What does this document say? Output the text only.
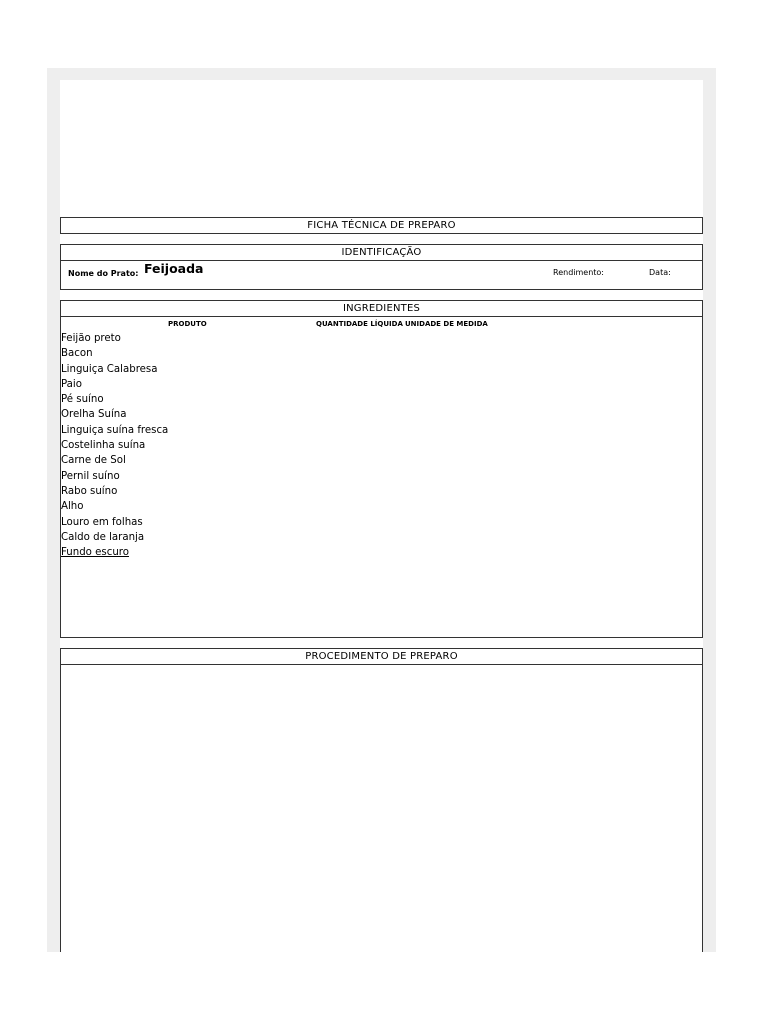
FICHA TÉCNICA DE PREPARO
IDENTIFICAÇÃO
Nome do Prato: Feijoada	Rendimento:	Data:
INGREDIENTES
PRODUTO	QUANTIDADE LÍQUIDA UNIDADE DE MEDIDA
Feijão preto
Bacon
Linguiça Calabresa
Paio
Pé suíno
Orelha Suína
Linguiça suína fresca
Costelinha suína
Carne de Sol
Pernil suíno
Rabo suíno
Alho
Louro em folhas
Caldo de laranja
Fundo escuro
PROCEDIMENTO DE PREPARO
